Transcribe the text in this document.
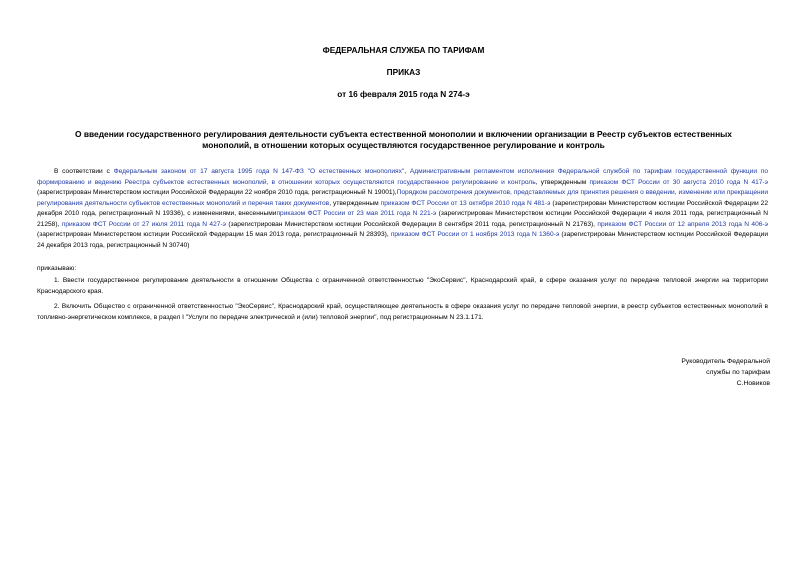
ФЕДЕРАЛЬНАЯ СЛУЖБА ПО ТАРИФАМ
ПРИКАЗ
от 16 февраля 2015 года N 274-э
О введении государственного регулирования деятельности субъекта естественной монополии и включении организации в Реестр субъектов естественных монополий, в отношении которых осуществляются государственное регулирование и контроль

В соответствии с Федеральным законом от 17 августа 1995 года N 147-ФЗ "О естественных монополиях", Административным регламентом исполнения Федеральной службой по тарифам государственной функции по формированию и ведению Реестра субъектов естественных монополий, в отношении которых осуществляются государственное регулирование и контроль, утвержденным приказом ФСТ России от 30 августа 2010 года N 417-э (зарегистрирован Министерством юстиции Российской Федерации 22 ноября 2010 года, регистрационный N 19001),Порядком рассмотрения документов, представляемых для принятия решения о введении, изменении или прекращении регулирования деятельности субъектов естественных монополий и перечня таких документов, утвержденным приказом ФСТ России от 13 октября 2010 года N 481-э (зарегистрирован Министерством юстиции Российской Федерации 22 декабря 2010 года, регистрационный N 19336), с изменениями, внесеннымиприказом ФСТ России от 23 мая 2011 года N 221-э (зарегистрирован Министерством юстиции Российской Федерации 4 июля 2011 года, регистрационный N 21258), приказом ФСТ России от 27 июля 2011 года N 427-э (зарегистрирован Министерством юстиции Российской Федерации 8 сентября 2011 года, регистрационный N 21763), приказом ФСТ России от 12 апреля 2013 года N 406-э (зарегистрирован Министерством юстиции Российской Федерации 15 мая 2013 года, регистрационный N 28393), приказом ФСТ России от 1 ноября 2013 года N 1360-э (зарегистрирован Министерством юстиции Российской Федерации 24 декабря 2013 года, регистрационный N 30740)

приказываю:

1. Ввести государственное регулирование деятельности в отношении Общества с ограниченной ответственностью "ЭкоСервис", Краснодарский край, в сфере оказания услуг по передаче тепловой энергии на территории Краснодарского края.

2. Включить Общество с ограниченной ответственностью "ЭкоСервис", Краснодарский край, осуществляющее деятельность в сфере оказания услуг по передаче тепловой энергии, в реестр субъектов естественных монополий в топливно-энергетическом комплексе, в раздел I "Услуги по передаче электрической и (или) тепловой энергии", под регистрационным N 23.1.171.

Руководитель Федеральной
службы по тарифам
С.Новиков
